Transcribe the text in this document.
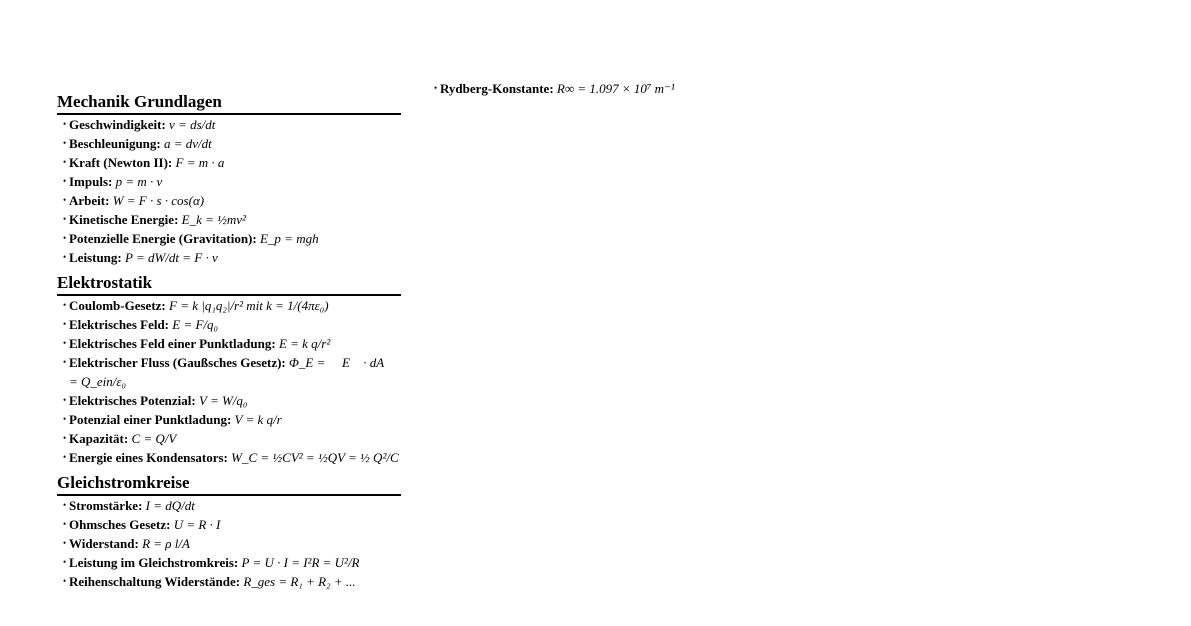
Mechanik Grundlagen
• Geschwindigkeit: v = ds/dt
• Beschleunigung: a = dv/dt
• Kraft (Newton II): F = m · a
• Impuls: p = m · v
• Arbeit: W = F · s · cos(α)
• Kinetische Energie: E_k = ½mv²
• Potenzielle Energie (Gravitation): E_p = mgh
• Leistung: P = dW/dt = F · v
Elektrostatik
• Coulomb-Gesetz: F = k |q₁q₂|/r² mit k = 1/(4πε₀)
• Elektrisches Feld: E = F/q₀
• Elektrisches Feld einer Punktladung: E = k q/r²
• Elektrischer Fluss (Gaußsches Gesetz): Φ_E = ∮ E⃗ · dA⃗ = Q_ein/ε₀
• Elektrisches Potenzial: V = W/q₀
• Potenzial einer Punktladung: V = k q/r
• Kapazität: C = Q/V
• Energie eines Kondensators: W_C = ½CV² = ½QV = ½ Q²/C
Gleichstromkreise
• Stromstärke: I = dQ/dt
• Ohmsches Gesetz: U = R · I
• Widerstand: R = ρ l/A
• Leistung im Gleichstromkreis: P = U · I = I²R = U²/R
• Reihenschaltung Widerstände: R_ges = R₁ + R₂ + ...
• Rydberg-Konstante: R∞ = 1.097 × 10⁷ m⁻¹
